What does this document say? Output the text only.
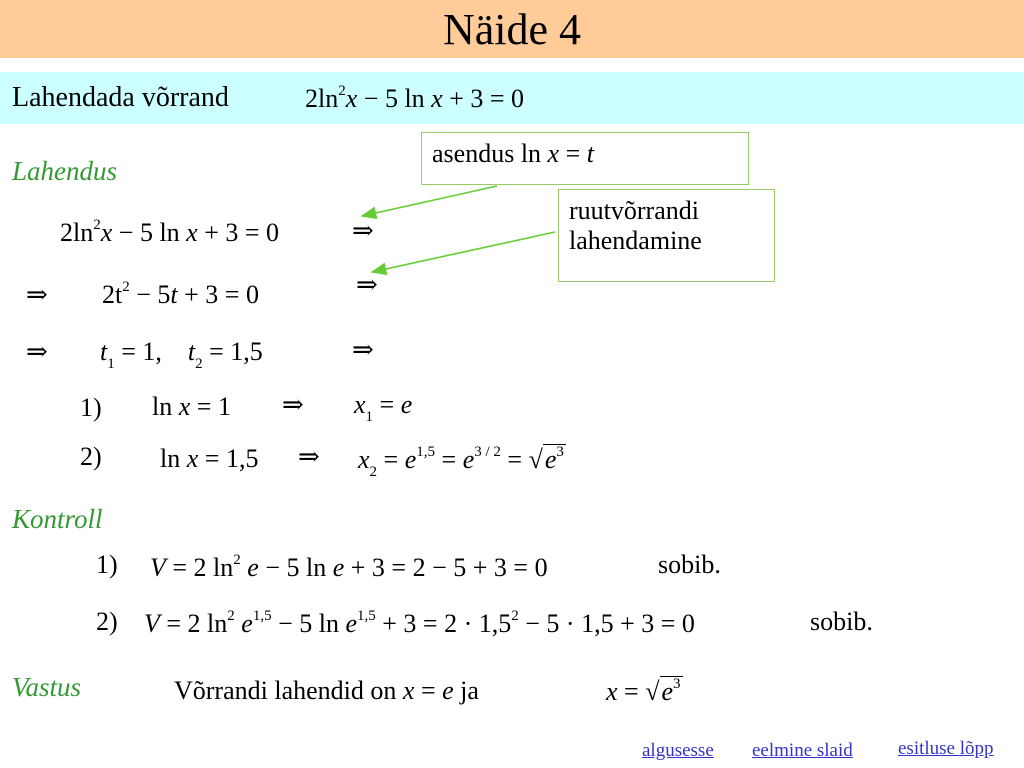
Näide 4
Lahendada võrrand	$2\ln^2x - 5$ ln x + 3 = 0
Lahendus
asendus ln x = t
ruutvõrrandi
lahendamine
$2\ln^2x - 5$ ln x + 3 = 0	⇒
⇒ $2t^2 - 5t + 3 = 0$	⇒
⇒ $t_1 = 1$, $t_2 = 1,5$	⇒
1) ln x = 1 ⇒ $x_1 = e$
2) ln x = 1,5 ⇒ $x_2 = e^{1,5} = e^{3 / 2} = √e^3$
Kontroll
1) V = 2 $\ln^2 e - 5$ ln e + 3 = 2 − 5 + 3 = 0	sobib.
2) V = 2 $\ln^2 e^{1,5} - 5$ $\ln e^{1,5} + 3 = 2 \cdot 1,5^2 - 5 \cdot 1,5 + 3 = 0$	sobib.
Vastus	Võrrandi lahendid on x = e ja	$x = √e^3$
algusesse eelmine slaid esitluse lõpp
